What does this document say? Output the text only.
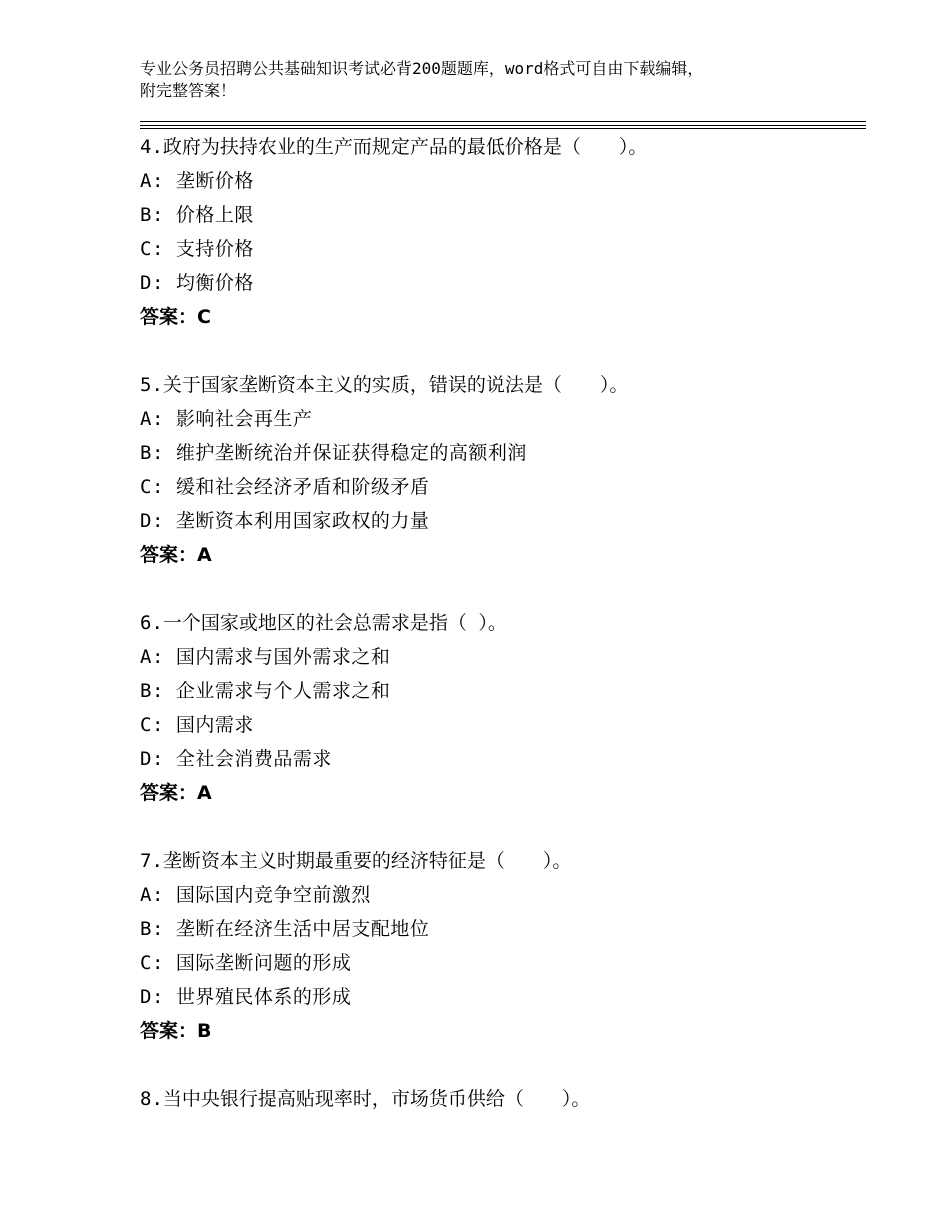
专业公务员招聘公共基础知识考试必背200题题库，word格式可自由下载编辑，
附完整答案！
4.政府为扶持农业的生产而规定产品的最低价格是（　　）。
A: 垄断价格
B: 价格上限
C: 支持价格
D: 均衡价格
答案：C
5.关于国家垄断资本主义的实质，错误的说法是（　　）。
A: 影响社会再生产
B: 维护垄断统治并保证获得稳定的高额利润
C: 缓和社会经济矛盾和阶级矛盾
D: 垄断资本利用国家政权的力量
答案：A
6.一个国家或地区的社会总需求是指（ ）。
A: 国内需求与国外需求之和
B: 企业需求与个人需求之和
C: 国内需求
D: 全社会消费品需求
答案：A
7.垄断资本主义时期最重要的经济特征是（　　）。
A: 国际国内竞争空前激烈
B: 垄断在经济生活中居支配地位
C: 国际垄断问题的形成
D: 世界殖民体系的形成
答案：B
8.当中央银行提高贴现率时，市场货币供给（　　）。
